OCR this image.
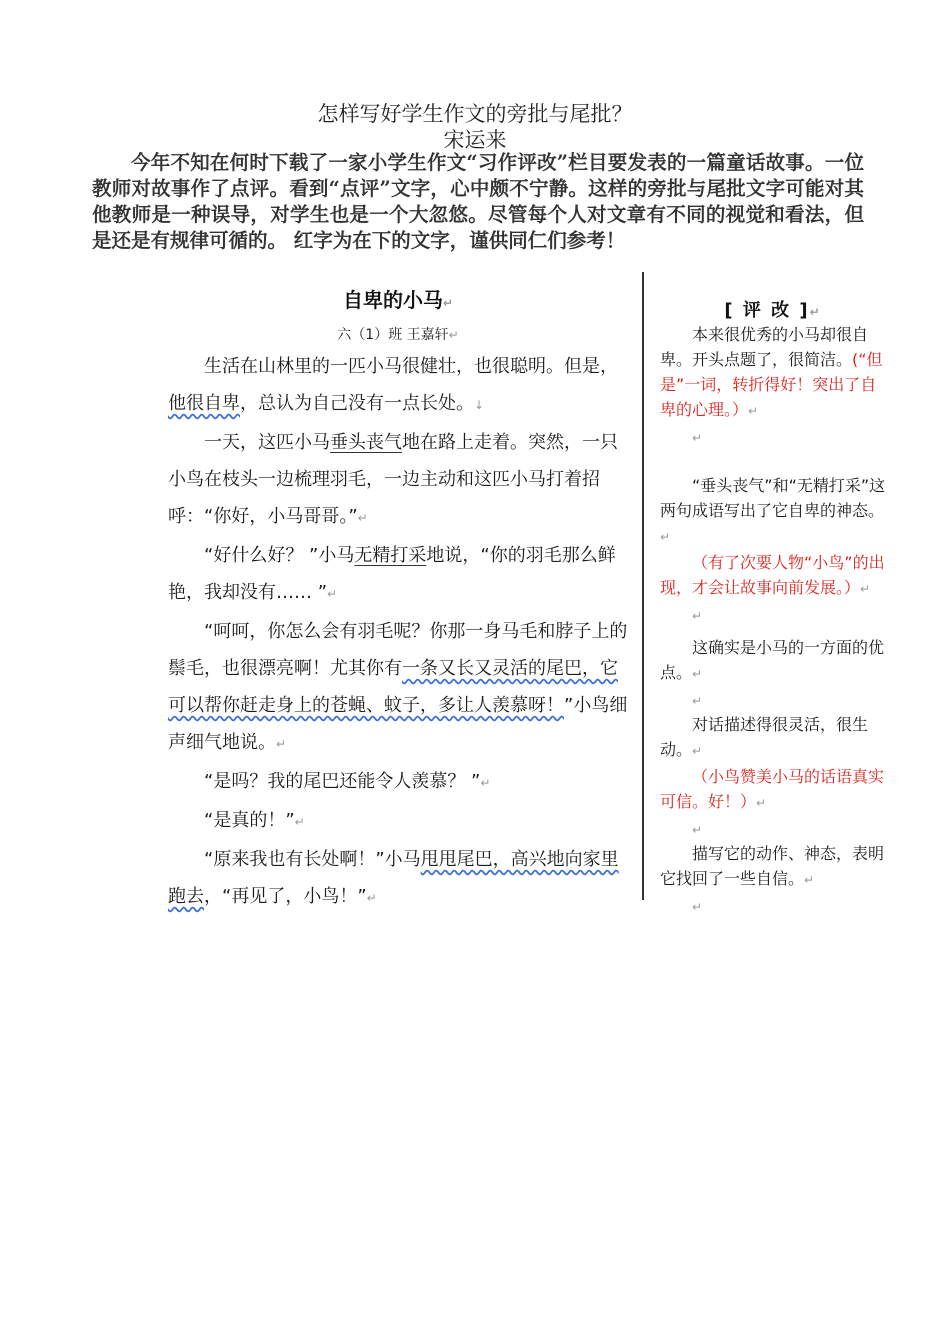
怎样写好学生作文的旁批与尾批？
宋运来
今年不知在何时下载了一家小学生作文“习作评改”栏目要发表的一篇童话故事。一位教师对故事作了点评。看到“点评”文字，心中颇不宁静。这样的旁批与尾批文字可能对其他教师是一种误导，对学生也是一个大忽悠。尽管每个人对文章有不同的视觉和看法，但是还是有规律可循的。 红字为在下的文字，谨供同仁们参考！
自卑的小马↵
六（1）班 王嘉轩↵

生活在山林里的一匹小马很健壮，也很聪明。但是，他很自卑，总认为自己没有一点长处。↓

一天，这匹小马垂头丧气地在路上走着。突然，一只小鸟在枝头一边梳理羽毛，一边主动和这匹小马打着招呼：“你好，小马哥哥。”↵

“好什么好？ ”小马无精打采地说，“你的羽毛那么鲜艳，我却没有…… ”↵

“呵呵，你怎么会有羽毛呢？你那一身马毛和脖子上的鬃毛，也很漂亮啊！尤其你有一条又长又灵活的尾巴，它可以帮你赶走身上的苍蝇、蚊子，多让人羡慕呀！”小鸟细声细气地说。↵

“是吗？我的尾巴还能令人羡慕？ ”↵

“是真的！”↵

“原来我也有长处啊！”小马甩甩尾巴，高兴地向家里跑去，“再见了，小鸟！”↵

[ 评 改 ]↵

本来很优秀的小马却很自卑。开头点题了，很简洁。(“但是”一词，转折得好！突出了自卑的心理。）↵

↵

“垂头丧气”和“无精打采”这两句成语写出了它自卑的神态。↵

（有了次要人物“小鸟”的出现，才会让故事向前发展。）↵

↵

这确实是小马的一方面的优点。↵

↵

对话描述得很灵活，很生动。↵

（小鸟赞美小马的话语真实可信。好！）↵

↵

描写它的动作、神态，表明它找回了一些自信。↵

↵
